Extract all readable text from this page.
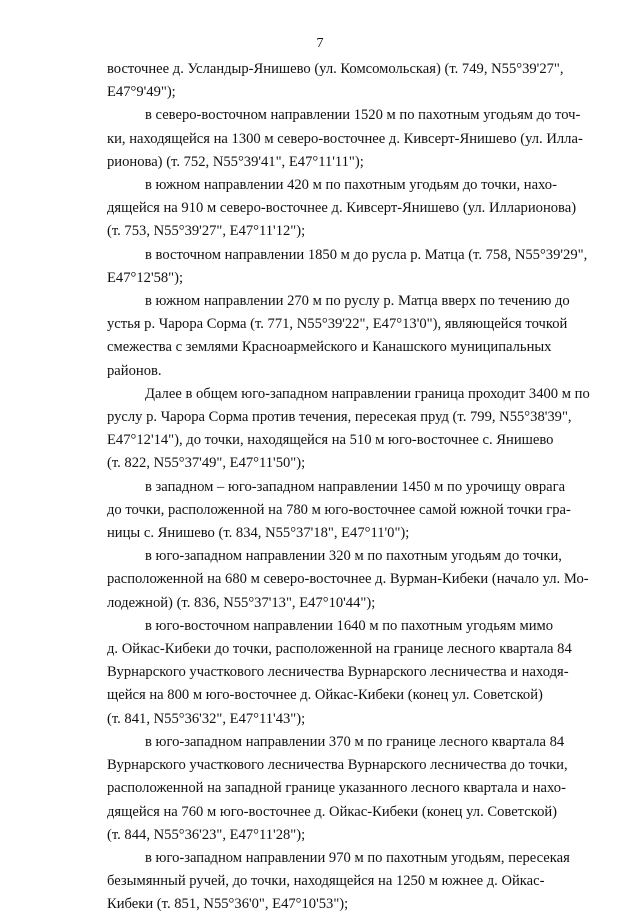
7

восточнее д. Усландыр-Янишево (ул. Комсомольская) (т. 749, N55°39'27",
E47°9'49");

в северо-восточном направлении 1520 м по пахотным угодьям до точ-
ки, находящейся на 1300 м северо-восточнее д. Кивсерт-Янишево (ул. Илла-
рионова) (т. 752, N55°39'41", E47°11'11");

в южном направлении 420 м по пахотным угодьям до точки, нахо-
дящейся на 910 м северо-восточнее д. Кивсерт-Янишево (ул. Илларионова)
(т. 753, N55°39'27", E47°11'12");

в восточном направлении 1850 м до русла р. Матца (т. 758, N55°39'29",
E47°12'58");

в южном направлении 270 м по руслу р. Матца вверх по течению до
устья р. Чарора Сорма (т. 771, N55°39'22", E47°13'0"), являющейся точкой
смежества с землями Красноармейского и Канашского муниципальных
районов.

Далее в общем юго-западном направлении граница проходит 3400 м по
руслу р. Чарора Сорма против течения, пересекая пруд (т. 799, N55°38'39",
E47°12'14"), до точки, находящейся на 510 м юго-восточнее с. Янишево
(т. 822, N55°37'49", E47°11'50");

в западном – юго-западном направлении 1450 м по урочищу оврага
до точки, расположенной на 780 м юго-восточнее самой южной точки гра-
ницы с. Янишево (т. 834, N55°37'18", E47°11'0");

в юго-западном направлении 320 м по пахотным угодьям до точки,
расположенной на 680 м северо-восточнее д. Вурман-Кибеки (начало ул. Мо-
лодежной) (т. 836, N55°37'13", E47°10'44");

в юго-восточном направлении 1640 м по пахотным угодьям мимо
д. Ойкас-Кибеки до точки, расположенной на границе лесного квартала 84
Вурнарского участкового лесничества Вурнарского лесничества и находя-
щейся на 800 м юго-восточнее д. Ойкас-Кибеки (конец ул. Советской)
(т. 841, N55°36'32", E47°11'43");

в юго-западном направлении 370 м по границе лесного квартала 84
Вурнарского участкового лесничества Вурнарского лесничества до точки,
расположенной на западной границе указанного лесного квартала и нахо-
дящейся на 760 м юго-восточнее д. Ойкас-Кибеки (конец ул. Советской)
(т. 844, N55°36'23", E47°11'28");

в юго-западном направлении 970 м по пахотным угодьям, пересекая
безымянный ручей, до точки, находящейся на 1250 м южнее д. Ойкас-
Кибеки (т. 851, N55°36'0", E47°10'53");
